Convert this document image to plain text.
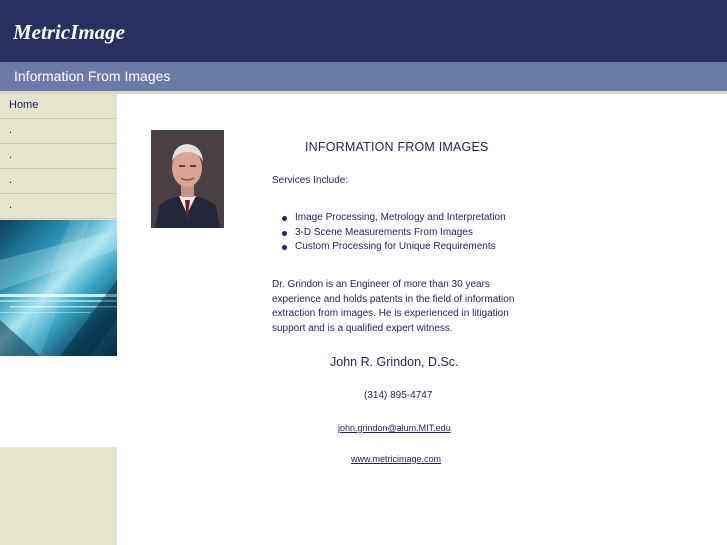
MetricImage
Information From Images
Home
.
.
.
.
INFORMATION FROM IMAGES
Services Include:
Image Processing, Metrology and Interpretation
3-D Scene Measurements From Images
Custom Processing for Unique Requirements
Dr. Grindon is an Engineer of more than 30 years
experience and holds patents in the field of information
extraction from images. He is experienced in litigation
support and is a qualified expert witness.
John R. Grindon, D.Sc.
(314) 895-4747
john.grindon@alum.MIT.edu
www.metricimage.com
